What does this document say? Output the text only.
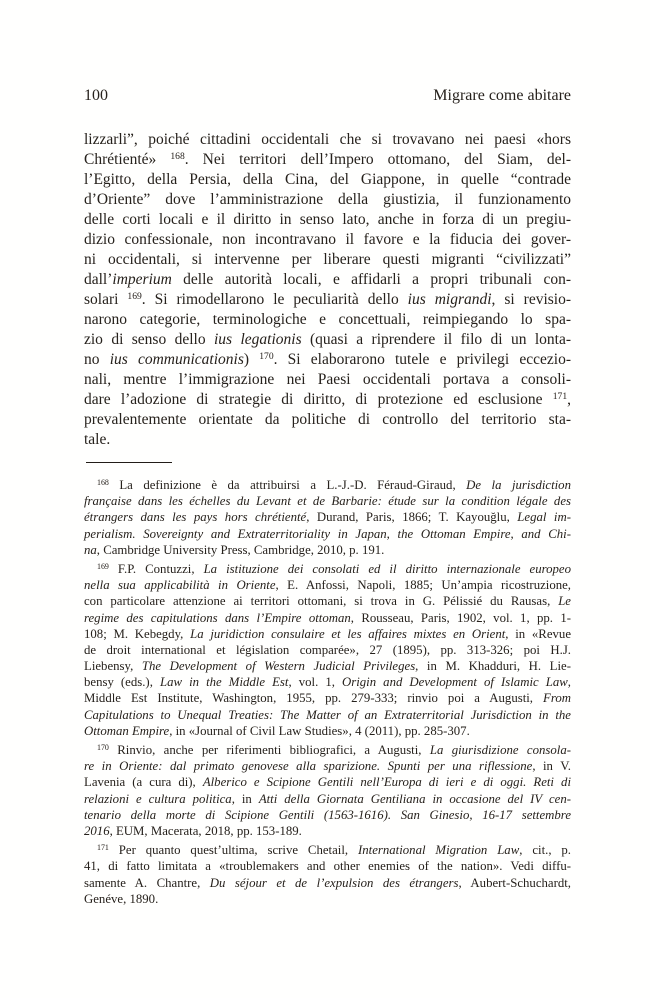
100	Migrare come abitare
lizzarli”, poiché cittadini occidentali che si trovavano nei paesi «hors
Chrétienté» $^{168}$. Nei territori dell’Impero ottomano, del Siam, del-
l’Egitto, della Persia, della Cina, del Giappone, in quelle “contrade
d’Oriente” dove l’amministrazione della giustizia, il funzionamento
delle corti locali e il diritto in senso lato, anche in forza di un pregiu-
dizio confessionale, non incontravano il favore e la fiducia dei gover-
ni occidentali, si intervenne per liberare questi migranti “civilizzati”
dall’imperium delle autorità locali, e affidarli a propri tribunali con-
solari $^{169}$. Si rimodellarono le peculiarità dello ius migrandi, si revisio-
narono categorie, terminologiche e concettuali, reimpiegando lo spa-
zio di senso dello ius legationis (quasi a riprendere il filo di un lonta-
no ius communicationis) $^{170}$. Si elaborarono tutele e privilegi eccezio-
nali, mentre l’immigrazione nei Paesi occidentali portava a consoli-
dare l’adozione di strategie di diritto, di protezione ed esclusione $^{171}$,
prevalentemente orientate da politiche di controllo del territorio sta-
tale.
$^{168}$ La definizione è da attribuirsi a L.-J.-D. Féraud-Giraud, De la jurisdiction
française dans les échelles du Levant et de Barbarie: étude sur la condition légale des
étrangers dans les pays hors chrétienté, Durand, Paris, 1866; T. Kayouğlu, Legal im-
perialism. Sovereignty and Extraterritoriality in Japan, the Ottoman Empire, and Chi-
na, Cambridge University Press, Cambridge, 2010, p. 191.
$^{169}$ F.P. Contuzzi, La istituzione dei consolati ed il diritto internazionale europeo
nella sua applicabilità in Oriente, E. Anfossi, Napoli, 1885; Un’ampia ricostruzione,
con particolare attenzione ai territori ottomani, si trova in G. Pélissié du Rausas, Le
regime des capitulations dans l’Empire ottoman, Rousseau, Paris, 1902, vol. 1, pp. 1-
108; M. Kebegdy, La juridiction consulaire et les affaires mixtes en Orient, in «Revue
de droit international et législation comparée», 27 (1895), pp. 313-326; poi H.J.
Liebensy, The Development of Western Judicial Privileges, in M. Khadduri, H. Lie-
bensy (eds.), Law in the Middle Est, vol. 1, Origin and Development of Islamic Law,
Middle Est Institute, Washington, 1955, pp. 279-333; rinvio poi a Augusti, From
Capitulations to Unequal Treaties: The Matter of an Extraterritorial Jurisdiction in the
Ottoman Empire, in «Journal of Civil Law Studies», 4 (2011), pp. 285-307.
$^{170}$ Rinvio, anche per riferimenti bibliografici, a Augusti, La giurisdizione consola-
re in Oriente: dal primato genovese alla sparizione. Spunti per una riflessione, in V.
Lavenia (a cura di), Alberico e Scipione Gentili nell’Europa di ieri e di oggi. Reti di
relazioni e cultura politica, in Atti della Giornata Gentiliana in occasione del IV cen-
tenario della morte di Scipione Gentili (1563-1616). San Ginesio, 16-17 settembre
2016, EUM, Macerata, 2018, pp. 153-189.
$^{171}$ Per quanto quest’ultima, scrive Chetail, International Migration Law, cit., p.
41, di fatto limitata a «troublemakers and other enemies of the nation». Vedi diffu-
samente A. Chantre, Du séjour et de l’expulsion des étrangers, Aubert-Schuchardt,
Genéve, 1890.
